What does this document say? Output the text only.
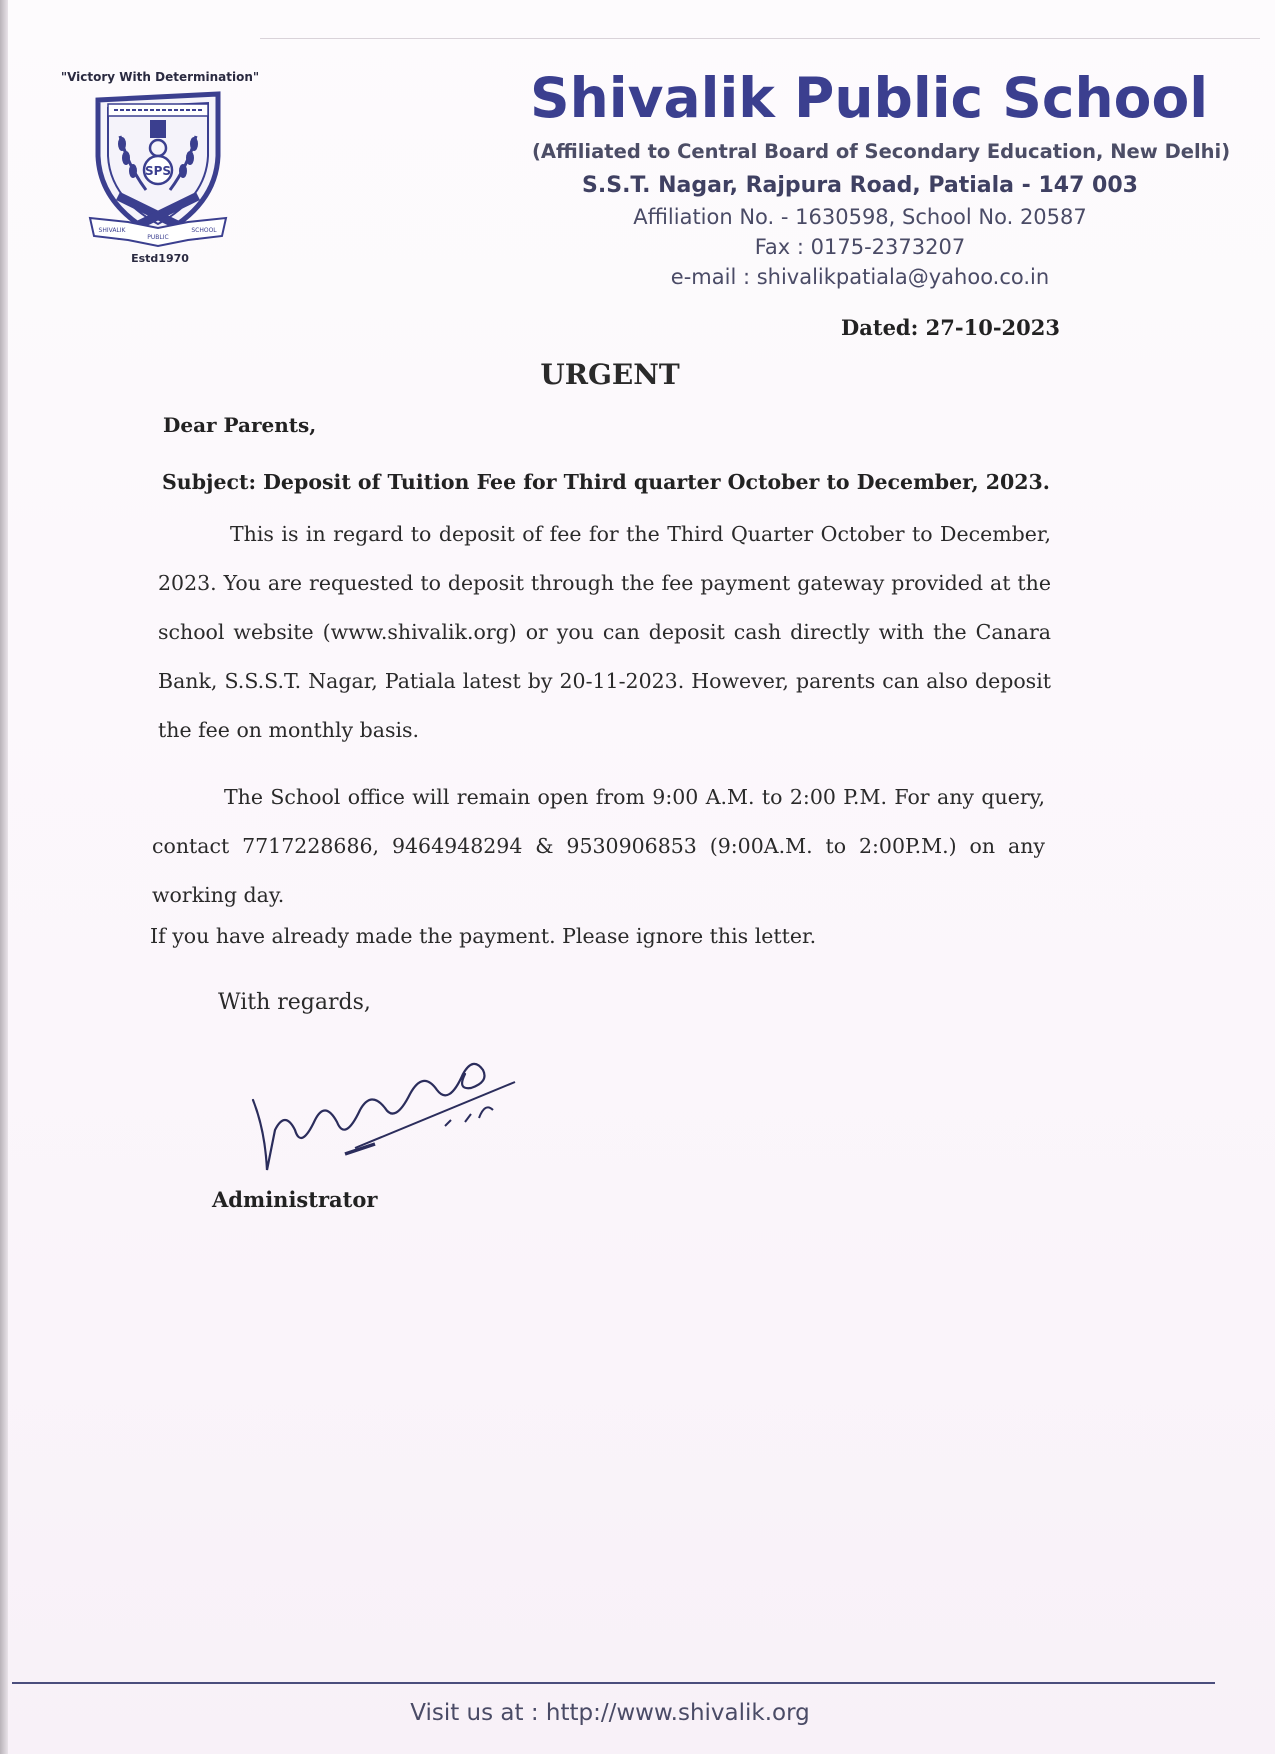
"Victory With Determination"
SPS
SHIVALIK
PUBLIC
SCHOOL
Estd1970
Shivalik Public School
(Affiliated to Central Board of Secondary Education, New Delhi)
S.S.T. Nagar, Rajpura Road, Patiala - 147 003
Affiliation No. - 1630598, School No. 20587
Fax : 0175-2373207
e-mail : shivalikpatiala@yahoo.co.in
Dated: 27-10-2023
URGENT
Dear Parents,
Subject: Deposit of Tuition Fee for Third quarter October to December, 2023.
This is in regard to deposit of fee for the Third Quarter October to December, 2023. You are requested to deposit through the fee payment gateway provided at the school website (www.shivalik.org) or you can deposit cash directly with the Canara Bank, S.S.S.T. Nagar, Patiala latest by 20-11-2023. However, parents can also deposit the fee on monthly basis.
The School office will remain open from 9:00 A.M. to 2:00 P.M. For any query, contact 7717228686, 9464948294 & 9530906853 (9:00A.M. to 2:00P.M.) on any working day.
If you have already made the payment. Please ignore this letter.
With regards,
Administrator
Visit us at : http://www.shivalik.org
